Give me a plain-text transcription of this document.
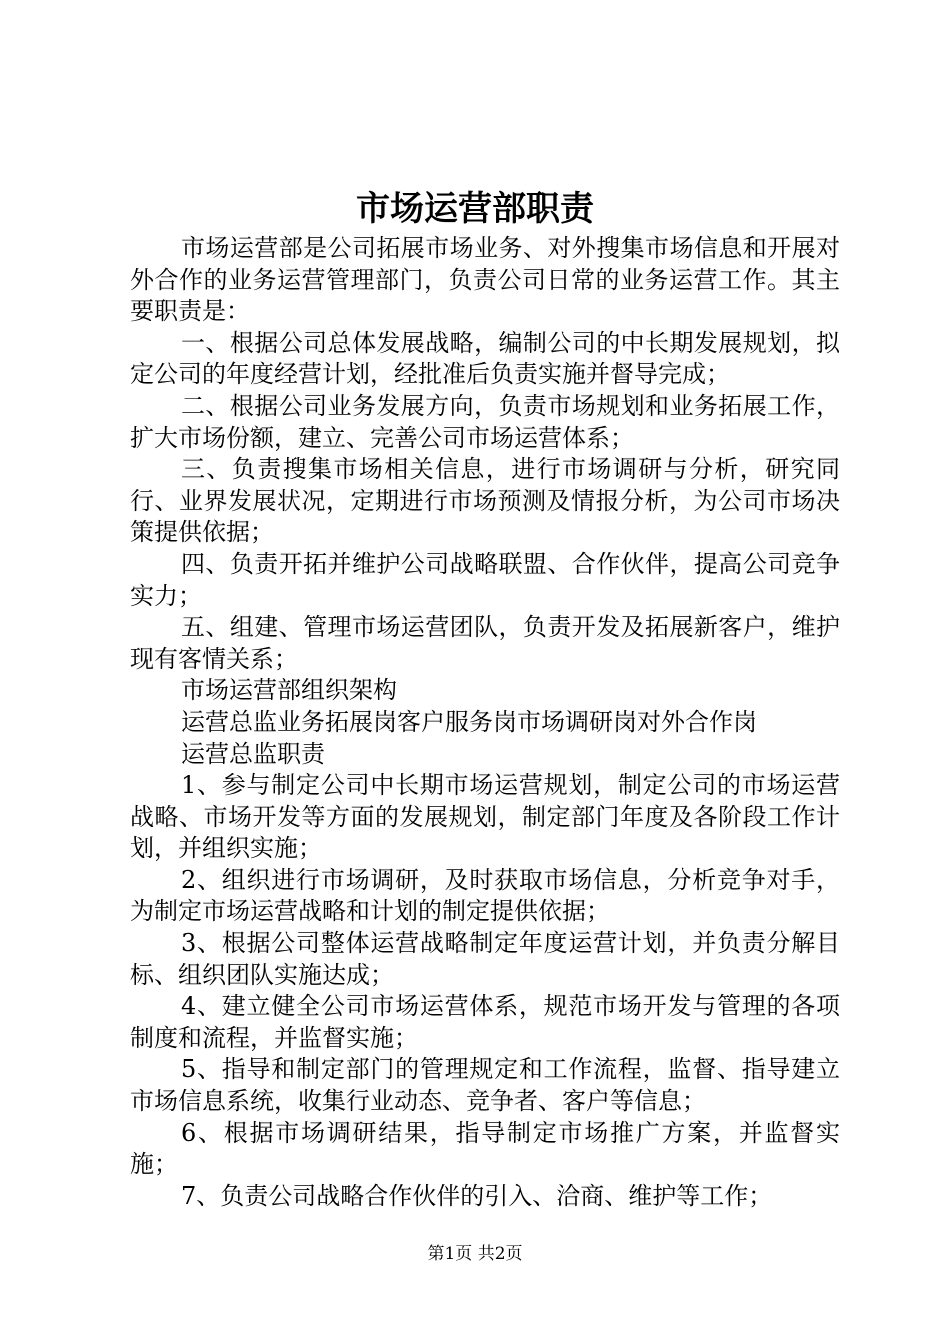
市场运营部职责

市场运营部是公司拓展市场业务、对外搜集市场信息和开展对外合作的业务运营管理部门，负责公司日常的业务运营工作。其主要职责是：

一、根据公司总体发展战略，编制公司的中长期发展规划，拟定公司的年度经营计划，经批准后负责实施并督导完成；

二、根据公司业务发展方向，负责市场规划和业务拓展工作，扩大市场份额，建立、完善公司市场运营体系；

三、负责搜集市场相关信息，进行市场调研与分析，研究同行、业界发展状况，定期进行市场预测及情报分析，为公司市场决策提供依据；

四、负责开拓并维护公司战略联盟、合作伙伴，提高公司竞争实力；

五、组建、管理市场运营团队，负责开发及拓展新客户，维护现有客情关系；

市场运营部组织架构

运营总监业务拓展岗客户服务岗市场调研岗对外合作岗

运营总监职责

1、参与制定公司中长期市场运营规划，制定公司的市场运营战略、市场开发等方面的发展规划，制定部门年度及各阶段工作计划，并组织实施；

2、组织进行市场调研，及时获取市场信息，分析竞争对手，为制定市场运营战略和计划的制定提供依据；

3、根据公司整体运营战略制定年度运营计划，并负责分解目标、组织团队实施达成；

4、建立健全公司市场运营体系，规范市场开发与管理的各项制度和流程，并监督实施；

5、指导和制定部门的管理规定和工作流程，监督、指导建立市场信息系统，收集行业动态、竞争者、客户等信息；

6、根据市场调研结果，指导制定市场推广方案，并监督实施；

7、负责公司战略合作伙伴的引入、洽商、维护等工作；

第1页 共2页
